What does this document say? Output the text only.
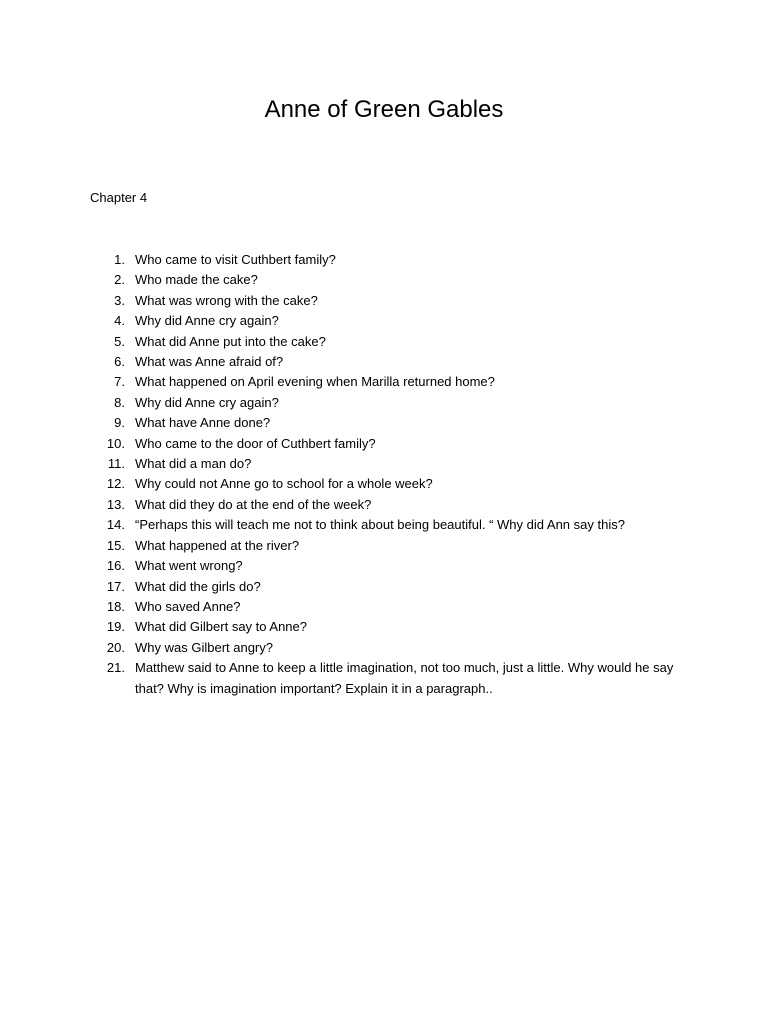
Anne of Green Gables

Chapter 4

1. Who came to visit Cuthbert family?
2. Who made the cake?
3. What was wrong with the cake?
4. Why did Anne cry again?
5. What did Anne put into the cake?
6. What was Anne afraid of?
7. What happened on April evening when Marilla returned home?
8. Why did Anne cry again?
9. What have Anne done?
10. Who came to the door of Cuthbert family?
11. What did a man do?
12. Why could not Anne go to school for a whole week?
13. What did they do at the end of the week?
14. “Perhaps this will teach me not to think about being beautiful. “ Why did Ann say this?
15. What happened at the river?
16. What went wrong?
17. What did the girls do?
18. Who saved Anne?
19. What did Gilbert say to Anne?
20. Why was Gilbert angry?
21. Matthew said to Anne to keep a little imagination, not too much, just a little. Why would he say that? Why is imagination important? Explain it in a paragraph..
